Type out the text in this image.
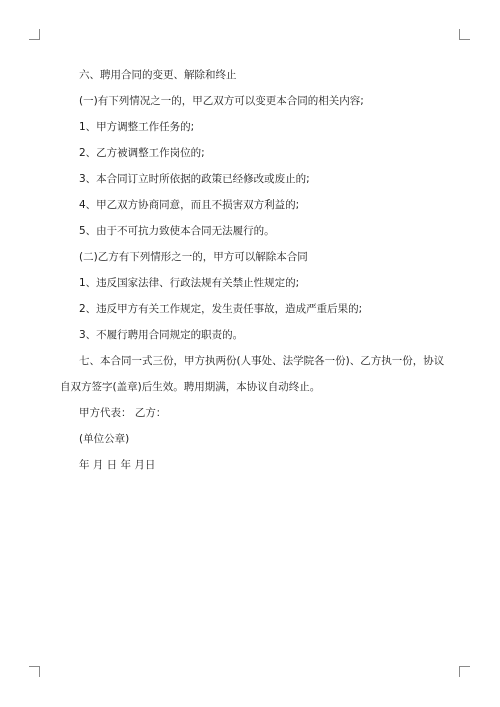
六、聘用合同的变更、解除和终止

(一)有下列情况之一的，甲乙双方可以变更本合同的相关内容;

1、甲方调整工作任务的;

2、乙方被调整工作岗位的;

3、本合同订立时所依据的政策已经修改或废止的;

4、甲乙双方协商同意，而且不损害双方利益的;

5、由于不可抗力致使本合同无法履行的。

(二)乙方有下列情形之一的，甲方可以解除本合同

1、违反国家法律、行政法规有关禁止性规定的;

2、违反甲方有关工作规定，发生责任事故，造成严重后果的;

3、不履行聘用合同规定的职责的。

七、本合同一式三份，甲方执两份(人事处、法学院各一份)、乙方执一份，协议

自双方签字(盖章)后生效。聘用期满，本协议自动终止。

甲方代表： 乙方：

(单位公章)

年 月 日 年 月日
